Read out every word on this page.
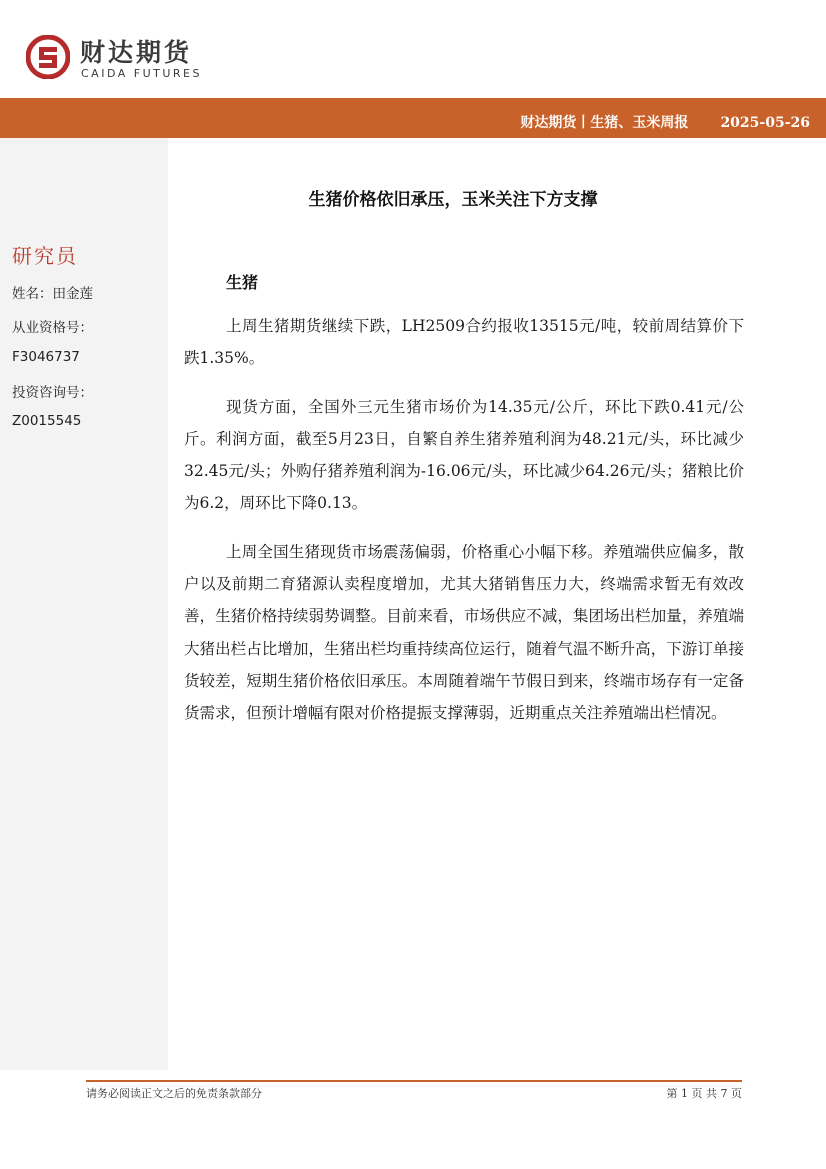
财达期货
CAIDA FUTURES
财达期货丨生猪、玉米周报 2025-05-26
研究员
姓名：田金莲
从业资格号：
F3046737
投资咨询号：
Z0015545
生猪价格依旧承压，玉米关注下方支撑
生猪

上周生猪期货继续下跌，LH2509合约报收13515元/吨，较前周结算价下跌1.35%。

现货方面，全国外三元生猪市场价为14.35元/公斤，环比下跌0.41元/公斤。利润方面，截至5月23日，自繁自养生猪养殖利润为48.21元/头，环比减少32.45元/头；外购仔猪养殖利润为-16.06元/头，环比减少64.26元/头；猪粮比价为6.2，周环比下降0.13。

上周全国生猪现货市场震荡偏弱，价格重心小幅下移。养殖端供应偏多，散户以及前期二育猪源认卖程度增加，尤其大猪销售压力大，终端需求暂无有效改善，生猪价格持续弱势调整。目前来看，市场供应不减，集团场出栏加量，养殖端大猪出栏占比增加，生猪出栏均重持续高位运行，随着气温不断升高，下游订单接货较差，短期生猪价格依旧承压。本周随着端午节假日到来，终端市场存有一定备货需求，但预计增幅有限对价格提振支撑薄弱，近期重点关注养殖端出栏情况。

请务必阅读正文之后的免责条款部分	第 1 页 共 7 页
